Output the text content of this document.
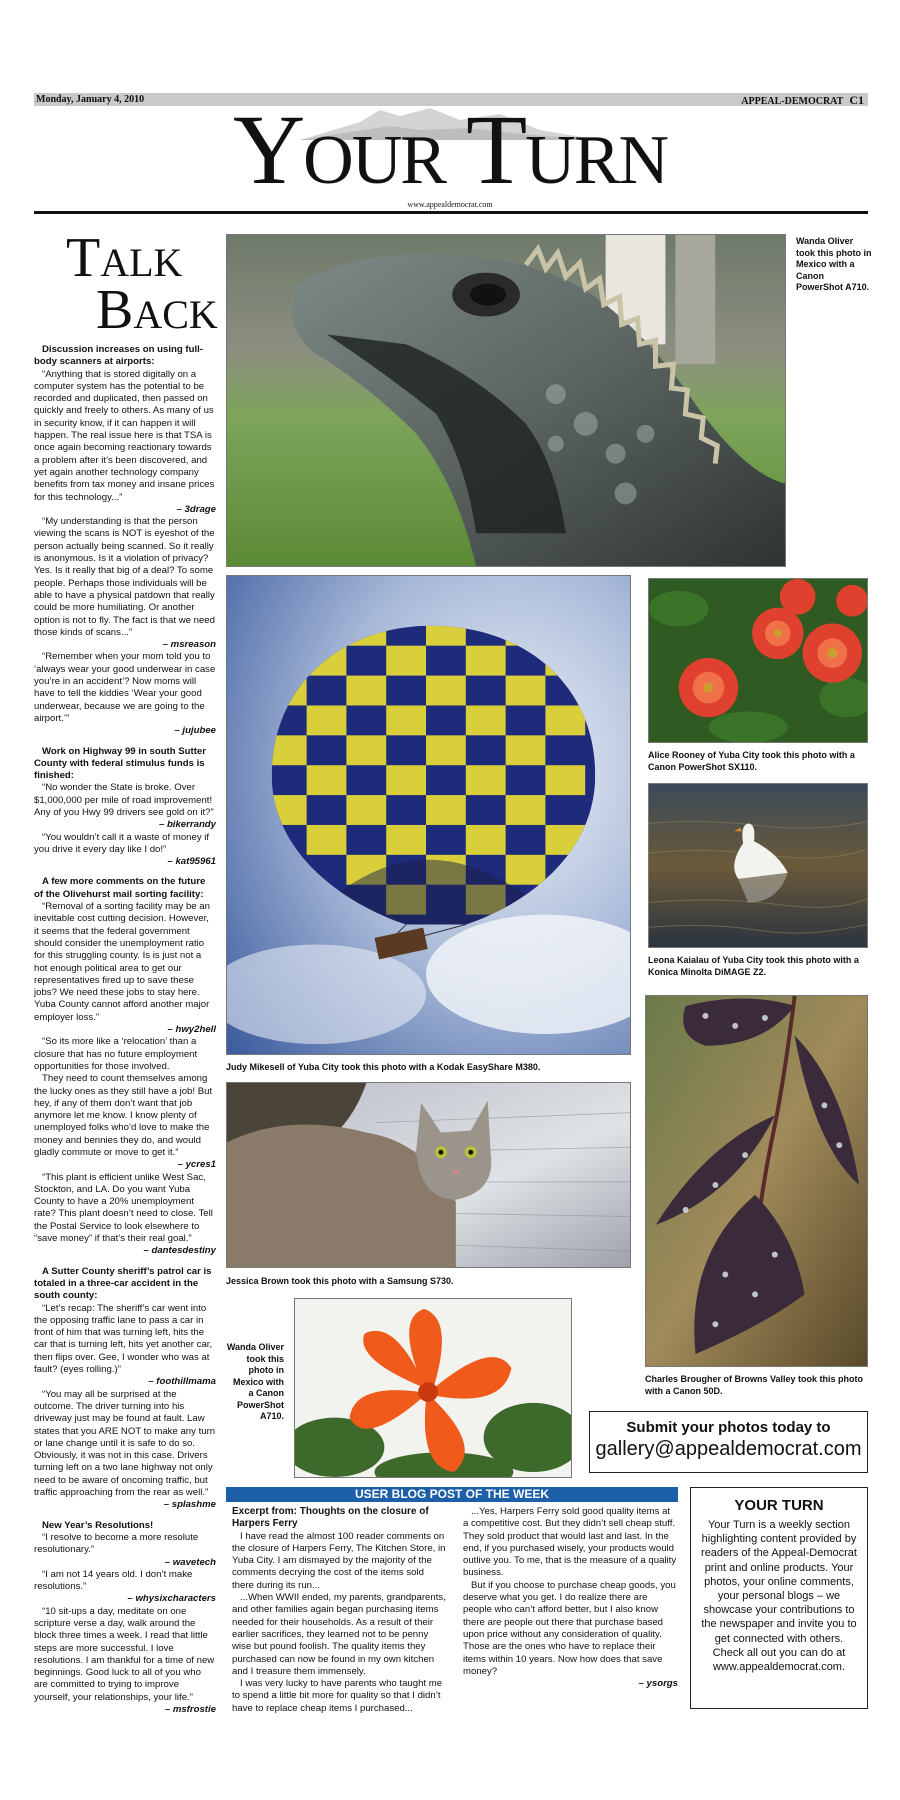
Monday, January 4, 2010	APPEAL-DEMOCRAT C1
YOUR TURN
www.appealdemocrat.com
TALK
BACK

Discussion increases on using full-body scanners at airports:

“Anything that is stored digitally on a computer system has the potential to be recorded and duplicated, then passed on quickly and freely to others. As many of us in security know, if it can happen it will happen. The real issue here is that TSA is once again becoming reactionary towards a problem after it’s been discovered, and yet again another technology company benefits from tax money and insane prices for this technology...”

– 3drage

“My understanding is that the person viewing the scans is NOT is eyeshot of the person actually being scanned. So it really is anonymous. Is it a violation of privacy? Yes. Is it really that big of a deal? To some people. Perhaps those individuals will be able to have a physical patdown that really could be more humiliating. Or another option is not to fly. The fact is that we need those kinds of scans...”

– msreason

“Remember when your mom told you to ‘always wear your good underwear in case you’re in an accident’? Now moms will have to tell the kiddies ‘Wear your good underwear, because we are going to the airport.’”

– jujubee

Work on Highway 99 in south Sutter County with federal stimulus funds is finished:

“No wonder the State is broke. Over $1,000,000 per mile of road improvement! Any of you Hwy 99 drivers see gold on it?”

– bikerrandy

“You wouldn’t call it a waste of money if you drive it every day like I do!”

– kat95961

A few more comments on the future of the Olivehurst mail sorting facility:

“Removal of a sorting facility may be an inevitable cost cutting decision. However, it seems that the federal government should consider the unemployment ratio for this struggling county. Is is just not a hot enough political area to get our representatives fired up to save these jobs? We need these jobs to stay here. Yuba County cannot afford another major employer loss.”

– hwy2hell

“So its more like a ‘relocation’ than a closure that has no future employment opportunities for those involved.

They need to count themselves among the lucky ones as they still have a job! But hey, if any of them don’t want that job anymore let me know. I know plenty of unemployed folks who’d love to make the money and bennies they do, and would gladly commute or move to get it.”

– ycres1

“This plant is efficient unlike West Sac, Stockton, and LA. Do you want Yuba County to have a 20% unemployment rate? This plant doesn’t need to close. Tell the Postal Service to look elsewhere to “save money” if that’s their real goal.”

– dantesdestiny

A Sutter County sheriff’s patrol car is totaled in a three-car accident in the south county:

“Let’s recap: The sheriff’s car went into the opposing traffic lane to pass a car in front of him that was turning left, hits the car that is turning left, hits yet another car, then flips over. Gee, I wonder who was at fault? (eyes rolling.)”

– foothillmama

“You may all be surprised at the outcome. The driver turning into his driveway just may be found at fault. Law states that you ARE NOT to make any turn or lane change until it is safe to do so. Obviously, it was not in this case. Drivers turning left on a two lane highway not only need to be aware of oncoming traffic, but traffic approaching from the rear as well.”

– splashme

New Year’s Resolutions!

“I resolve to become a more resolute resolutionary.”

– wavetech

“I am not 14 years old. I don’t make resolutions.”

– whysixcharacters

“10 sit-ups a day, meditate on one scripture verse a day, walk around the block three times a week. I read that little steps are more successful. I love resolutions. I am thankful for a time of new beginnings. Good luck to all of you who are committed to trying to improve yourself, your relationships, your life.”

– msfrostie

Wanda Oliver took this photo in Mexico with a Canon PowerShot A710.
Judy Mikesell of Yuba City took this photo with a Kodak EasyShare M380.
Alice Rooney of Yuba City took this photo with a Canon PowerShot SX110.
Leona Kaialau of Yuba City took this photo with a Konica Minolta DiMAGE Z2.
Jessica Brown took this photo with a Samsung S730.
Charles Brougher of Browns Valley took this photo with a Canon 50D.
Wanda Oliver took this photo in Mexico with a Canon PowerShot A710.
Submit your photos today to
gallery@appealdemocrat.com
USER BLOG POST OF THE WEEK

Excerpt from: Thoughts on the closure of Harpers Ferry

I have read the almost 100 reader comments on the closure of Harpers Ferry, The Kitchen Store, in Yuba City. I am dismayed by the majority of the comments decrying the cost of the items sold there during its run...

...When WWII ended, my parents, grandparents, and other families again began purchasing items needed for their households. As a result of their earlier sacrifices, they learned not to be penny wise but pound foolish. The quality items they purchased can now be found in my own kitchen and I treasure them immensely.

I was very lucky to have parents who taught me to spend a little bit more for quality so that I didn’t have to replace cheap items I purchased...

...Yes, Harpers Ferry sold good quality items at a competitive cost. But they didn’t sell cheap stuff. They sold product that would last and last. In the end, if you purchased wisely, your products would outlive you. To me, that is the measure of a quality business.

But if you choose to purchase cheap goods, you deserve what you get. I do realize there are people who can’t afford better, but I also know there are people out there that purchase based upon price without any consideration of quality. Those are the ones who have to replace their items within 10 years. Now how does that save money?

– ysorgs

YOUR TURN
Your Turn is a weekly section highlighting content provided by readers of the Appeal-Democrat print and online products. Your photos, your online comments, your personal blogs – we showcase your contributions to the newspaper and invite you to get connected with others. Check all out you can do at www.appealdemocrat.com.
